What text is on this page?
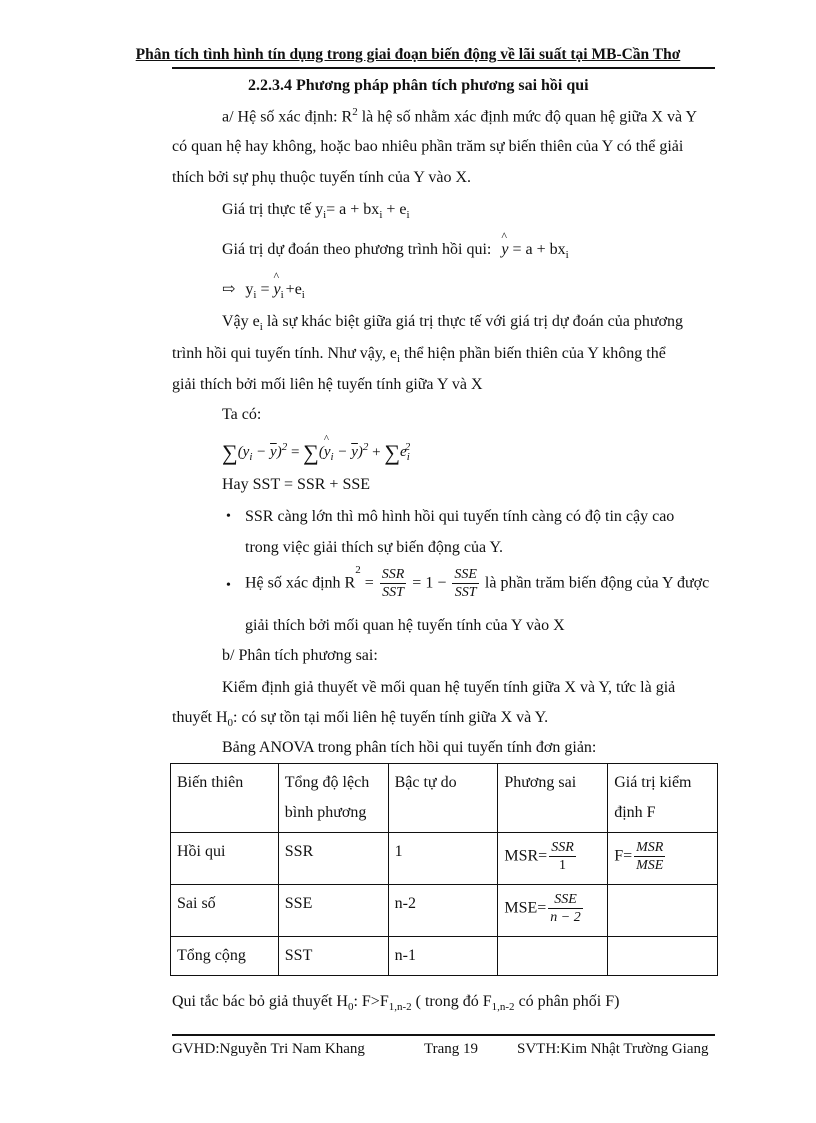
Phân tích tình hình tín dụng trong giai đoạn biến động về lãi suất tại MB-Cần Thơ
2.2.3.4 Phương pháp phân tích phương sai hồi qui
a/ Hệ số xác định: $R^2$ là hệ số nhằm xác định mức độ quan hệ giữa X và Y
có quan hệ hay không, hoặc bao nhiêu phần trăm sự biến thiên của Y có thể giải
thích bởi sự phụ thuộc tuyến tính của Y vào X.
Giá trị thực tế $y_i= a + bx_i + e_i$
Giá trị dự đoán theo phương trình hồi qui: y
^
= $a + bx_i$
⇨ $y_i = y$
^
$_i +e_i$
Vậy $e_i$ là sự khác biệt giữa giá trị thực tế với giá trị dự đoán của phương
trình hồi qui tuyến tính. Như vậy, $e_i$ thể hiện phần biến thiên của Y không thể
giải thích bởi mối liên hệ tuyến tính giữa Y và X
Ta có:
$\sum(y_i - \overline{y})^2 = \sum(y$
^
$_i - \overline{y})^2 + \sum e_i^2$
Hay SST = SSR + SSE
• SSR càng lớn thì mô hình hồi qui tuyến tính càng có độ tin cậy cao
trong việc giải thích sự biến động của Y.
• Hệ số xác định $R^2 = \frac{\text{SSR}}{\text{SST}} = 1 - \frac{\text{SSE}}{\text{SST}}$ là phần trăm biến động của Y được
giải thích bởi mối quan hệ tuyến tính của Y vào X
b/ Phân tích phương sai:
Kiểm định giả thuyết về mối quan hệ tuyến tính giữa X và Y, tức là giả
thuyết $H_0$: có sự tồn tại mối liên hệ tuyến tính giữa X và Y.
Bảng ANOVA trong phân tích hồi qui tuyến tính đơn giản:
Biến thiên	Tổng độ lệch bình phương	Bậc tự do	Phương sai	Giá trị kiểm định F
Hồi qui	SSR	1	$MSR= \frac{\text{SSR}}{1}$	$F= \frac{\text{MSR}}{\text{MSE}}$

Sai số	SSE	n-2	$MSE= \frac{\text{SSE}}{n - 2}$

Tổng cộng	SST	n-1		
Qui tắc bác bỏ giả thuyết $H_0$: $F>F_{1,n-2}$ ( trong đó $F_{1,n-2}$ có phân phối F)
GVHD:Nguyễn Tri Nam Khang	Trang 19	SVTH:Kim Nhật Trường Giang
